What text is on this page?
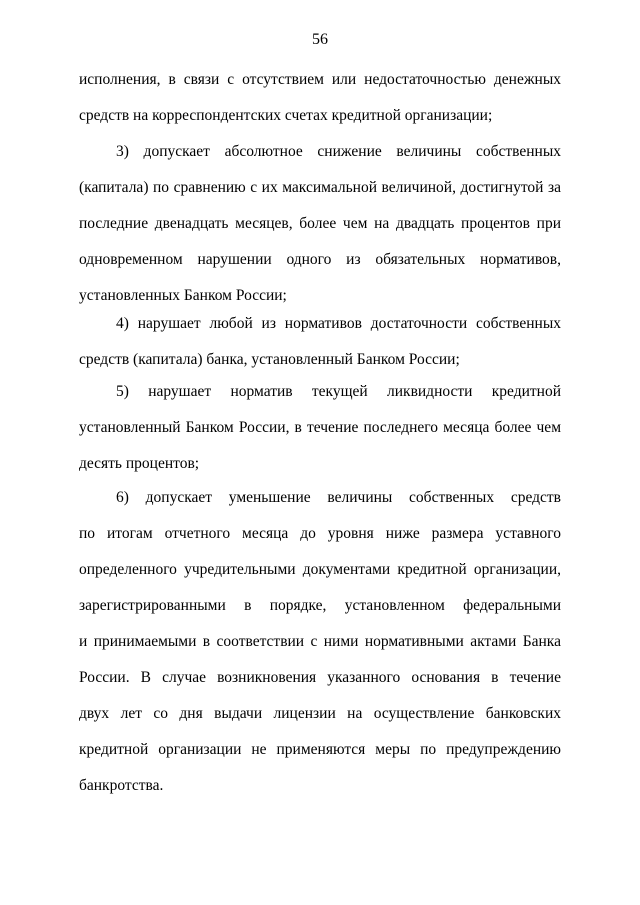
56
исполнения, в связи с отсутствием или недостаточностью денежных
средств на корреспондентских счетах кредитной организации;
3) допускает абсолютное снижение величины собственных
(капитала) по сравнению с их максимальной величиной, достигнутой за
последние двенадцать месяцев, более чем на двадцать процентов при
одновременном нарушении одного из обязательных нормативов,
установленных Банком России;
4) нарушает любой из нормативов достаточности собственных
средств (капитала) банка, установленный Банком России;
5) нарушает норматив текущей ликвидности кредитной
установленный Банком России, в течение последнего месяца более чем
десять процентов;
6) допускает уменьшение величины собственных средств
по итогам отчетного месяца до уровня ниже размера уставного
определенного учредительными документами кредитной организации,
зарегистрированными в порядке, установленном федеральными
и принимаемыми в соответствии с ними нормативными актами Банка
России. В случае возникновения указанного основания в течение
двух лет со дня выдачи лицензии на осуществление банковских
кредитной организации не применяются меры по предупреждению
банкротства.
